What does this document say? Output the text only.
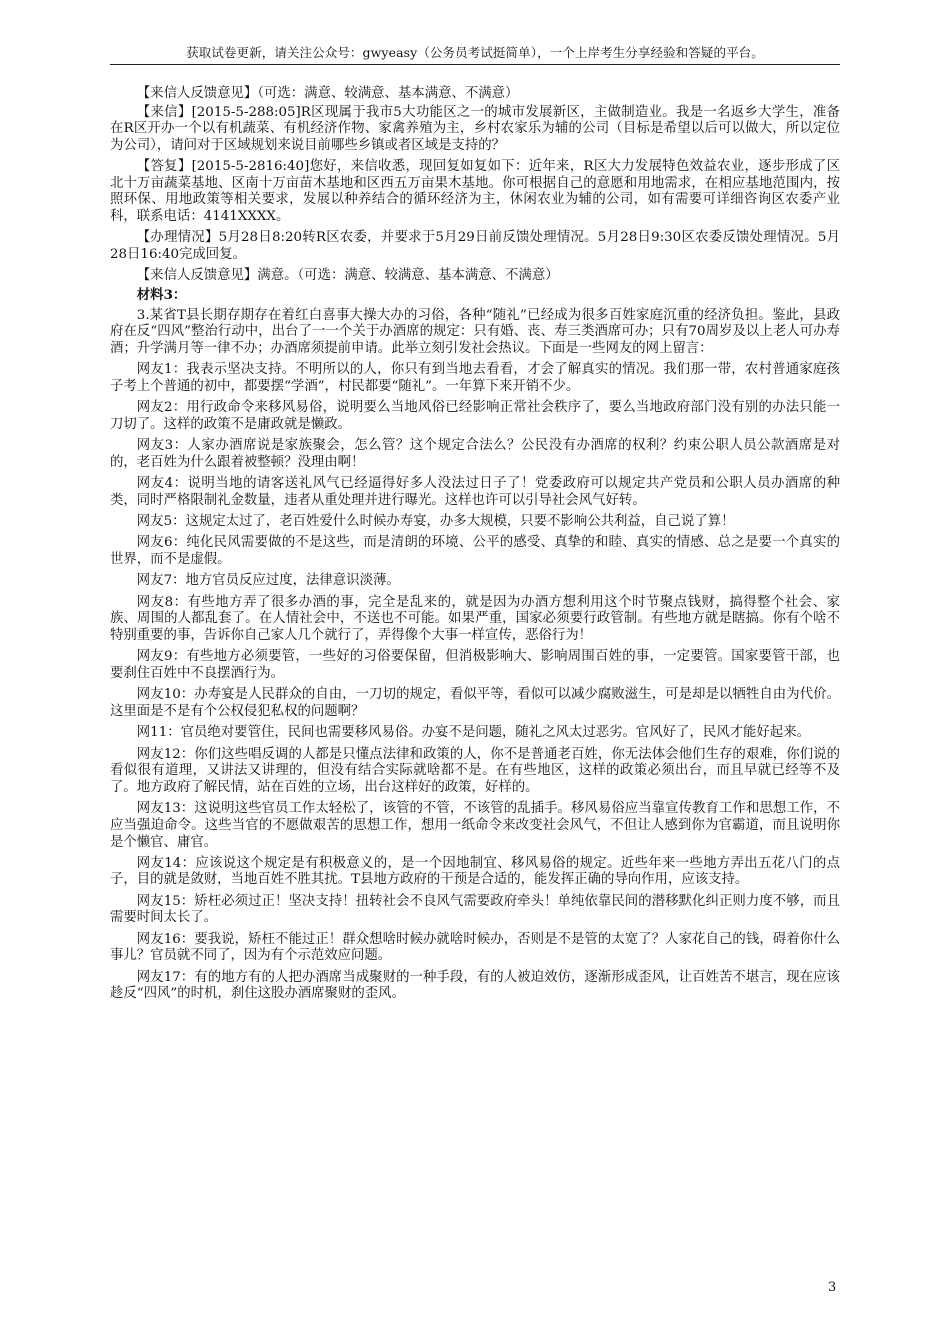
获取试卷更新，请关注公众号：gwyeasy（公务员考试挺简单），一个上岸考生分享经验和答疑的平台。

【来信人反馈意见】（可选：满意、较满意、基本满意、不满意）

【来信】[2015-5-288:05]R区现属于我市5大功能区之一的城市发展新区，主做制造业。我是一名返乡大学生，准备在R区开办一个以有机蔬菜、有机经济作物、家禽养殖为主，乡村农家乐为辅的公司（目标是希望以后可以做大，所以定位为公司），请问对于区域规划来说目前哪些乡镇或者区域是支持的？

【答复】[2015-5-2816:40]您好，来信收悉，现回复如复如下：近年来，R区大力发展特色效益农业，逐步形成了区北十万亩蔬菜基地、区南十万亩苗木基地和区西五万亩果木基地。你可根据自己的意愿和用地需求，在相应基地范围内，按照环保、用地政策等相关要求，发展以种养结合的循环经济为主，休闲农业为辅的公司，如有需要可详细咨询区农委产业科，联系电话：4141XXXX。

【办理情况】5月28日8:20转R区农委，并要求于5月29日前反馈处理情况。5月28日9:30区农委反馈处理情况。5月28日16:40完成回复。

【来信人反馈意见】满意。（可选：满意、较满意、基本满意、不满意）

材料3：

3.某省T县长期存期存在着红白喜事大操大办的习俗，各种“随礼”已经成为很多百姓家庭沉重的经济负担。鉴此，县政府在反“四风”整治行动中，出台了一一个关于办酒席的规定：只有婚、丧、寿三类酒席可办；只有70周岁及以上老人可办寿酒；升学满月等一律不办；办酒席须提前申请。此举立刻引发社会热议。下面是一些网友的网上留言：

网友1：我表示坚决支持。不明所以的人，你只有到当地去看看，才会了解真实的情况。我们那一带，农村普通家庭孩子考上个普通的初中，都要摆“学酒”，村民都要“随礼”。一年算下来开销不少。

网友2：用行政命令来移风易俗，说明要么当地风俗已经影响正常社会秩序了，要么当地政府部门没有别的办法只能一刀切了。这样的政策不是庸政就是懒政。

网友3：人家办酒席说是家族聚会，怎么管？这个规定合法么？公民没有办酒席的权利？约束公职人员公款酒席是对的，老百姓为什么跟着被整顿？没理由啊！

网友4：说明当地的请客送礼风气已经逼得好多人没法过日子了！党委政府可以规定共产党员和公职人员办酒席的种类，同时严格限制礼金数量，违者从重处理并进行曝光。这样也许可以引导社会风气好转。

网友5：这规定太过了，老百姓爱什么时候办寿宴，办多大规模，只要不影响公共利益，自己说了算！

网友6：纯化民风需要做的不是这些，而是清朗的环境、公平的感受、真挚的和睦、真实的情感、总之是要一个真实的世界，而不是虚假。

网友7：地方官员反应过度，法律意识淡薄。

网友8：有些地方弄了很多办酒的事，完全是乱来的，就是因为办酒方想利用这个时节聚点钱财，搞得整个社会、家族、周围的人都乱套了。在人情社会中，不送也不可能。如果严重，国家必须要行政管制。有些地方就是瞎搞。你有个啥不特别重要的事，告诉你自己家人几个就行了，弄得像个大事一样宣传，恶俗行为！

网友9：有些地方必须要管，一些好的习俗要保留，但消极影响大、影响周围百姓的事，一定要管。国家要管干部，也要刹住百姓中不良摆酒行为。

网友10：办寿宴是人民群众的自由，一刀切的规定，看似平等，看似可以减少腐败滋生，可是却是以牺牲自由为代价。这里面是不是有个公权侵犯私权的问题啊？

网11：官员绝对要管住，民间也需要移风易俗。办宴不是问题，随礼之风太过恶劣。官风好了，民风才能好起来。

网友12：你们这些唱反调的人都是只懂点法律和政策的人，你不是普通老百姓，你无法体会他们生存的艰难，你们说的看似很有道理，又讲法又讲理的，但没有结合实际就啥都不是。在有些地区，这样的政策必须出台，而且早就已经等不及了。地方政府了解民情，站在百姓的立场，出台这样好的政策，好样的。

网友13：这说明这些官员工作太轻松了，该管的不管，不该管的乱插手。移风易俗应当靠宣传教育工作和思想工作，不应当强迫命令。这些当官的不愿做艰苦的思想工作，想用一纸命令来改变社会风气，不但让人感到你为官霸道，而且说明你是个懒官、庸官。

网友14：应该说这个规定是有积极意义的，是一个因地制宜、移风易俗的规定。近些年来一些地方弄出五花八门的点子，目的就是敛财，当地百姓不胜其扰。T县地方政府的干预是合适的，能发挥正确的导向作用，应该支持。

网友15：矫枉必须过正！坚决支持！扭转社会不良风气需要政府牵头！单纯依靠民间的潜移默化纠正则力度不够，而且需要时间太长了。

网友16：要我说，矫枉不能过正！群众想啥时候办就啥时候办，否则是不是管的太宽了？人家花自己的钱，碍着你什么事儿？官员就不同了，因为有个示范效应问题。

网友17：有的地方有的人把办酒席当成聚财的一种手段，有的人被迫效仿，逐渐形成歪风，让百姓苦不堪言，现在应该趁反“四风”的时机，刹住这股办酒席聚财的歪风。

3
